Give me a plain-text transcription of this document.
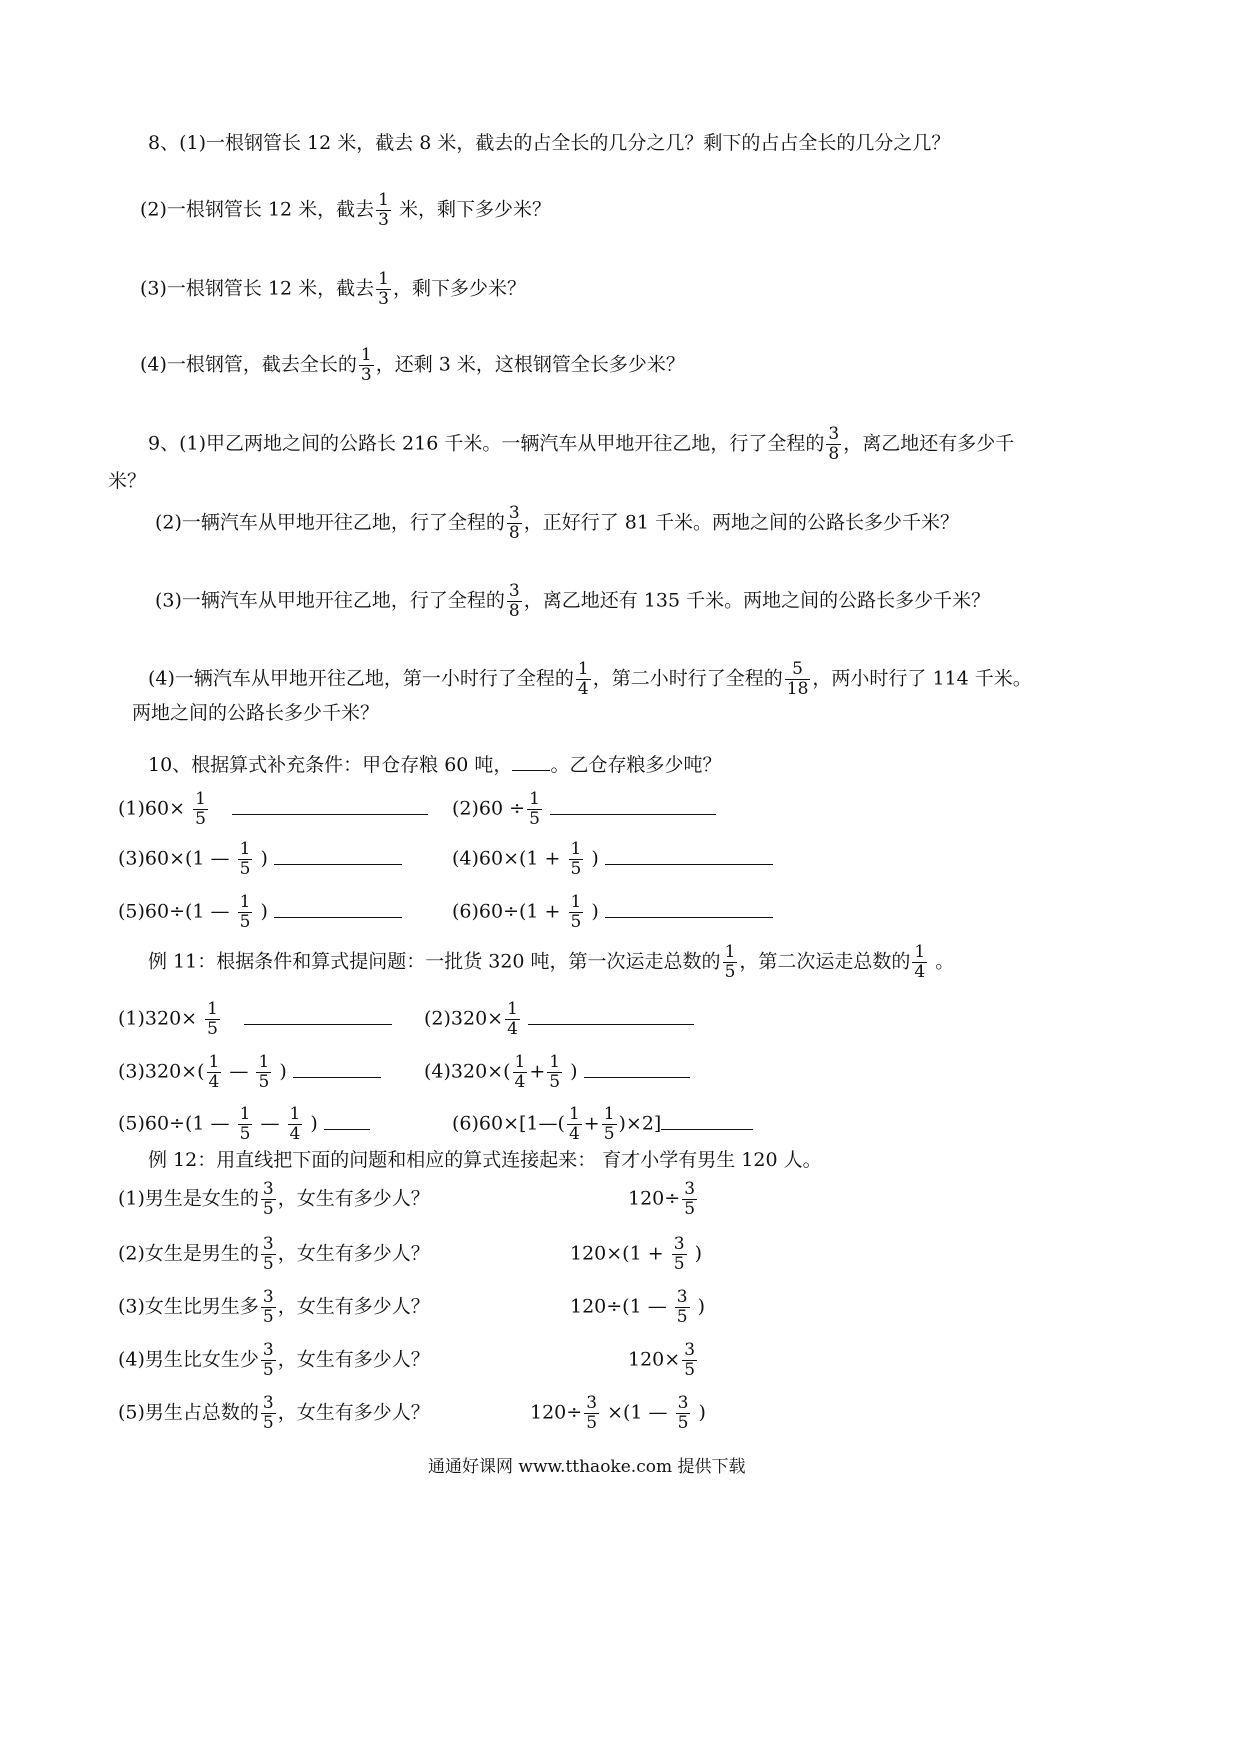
8、(1)一根钢管长 12 米，截去 8 米，截去的占全长的几分之几？剩下的占占全长的几分之几？
(2)一根钢管长 12 米，截去 $\frac{1}{3}$ 米，剩下多少米？
(3)一根钢管长 12 米，截去 $\frac{1}{3}$ ，剩下多少米？
(4)一根钢管，截去全长的 $\frac{1}{3}$ ，还剩 3 米，这根钢管全长多少米？
9、(1)甲乙两地之间的公路长 216 千米。一辆汽车从甲地开往乙地，行了全程的 $\frac{3}{8}$ ，离乙地还有多少千
米？
(2)一辆汽车从甲地开往乙地，行了全程的 $\frac{3}{8}$ ，正好行了 81 千米。两地之间的公路长多少千米？
(3)一辆汽车从甲地开往乙地，行了全程的 $\frac{3}{8}$ ，离乙地还有 135 千米。两地之间的公路长多少千米？
(4)一辆汽车从甲地开往乙地，第一小时行了全程的 $\frac{1}{4}$ ，第二小时行了全程的 $\frac{5}{18}$ ，两小时行了 114 千米。
两地之间的公路长多少千米？
10、根据算式补充条件：甲仓存粮 60 吨， 。乙仓存粮多少吨？
$(1)60\times \frac{1}{5}$
	$(2)60 \div \frac{1}{5}$

(3)60×(1 — $\frac{1}{5}$ )	$(4)60\times(1 + \frac{1}{5}$ )
(5)60÷(1 — $\frac{1}{5}$ )	$(6)60\div(1 + \frac{1}{5}$ )
例 11：根据条件和算式提问题：一批货 320 吨，第一次运走总数的 $\frac{1}{5}$ ，第二次运走总数的 $\frac{1}{4}$ 。
$(1)320\times \frac{1}{5}$
	$(2)320\times \frac{1}{4}$

$(3)320\times( \frac{1}{4}$ — $\frac{1}{5}$ )	$(4)320\times( \frac{1}{4} + \frac{1}{5}$ )
(5)60÷(1 — $\frac{1}{5}$ — $\frac{1}{4}$ )	(6)60×[1—( $\frac{1}{4} + \frac{1}{5} )\times 2$]
例 12：用直线把下面的问题和相应的算式连接起来： 育才小学有男生 120 人。
(1)男生是女生的 $\frac{3}{5}$ ，女生有多少人？	$120\div \frac{3}{5}$
(2)女生是男生的 $\frac{3}{5}$ ，女生有多少人？	$120\times(1 + \frac{3}{5}$ )
(3)女生比男生多 $\frac{3}{5}$ ，女生有多少人？	120÷(1 — $\frac{3}{5}$ )
(4)男生比女生少 $\frac{3}{5}$ ，女生有多少人？	$120\times \frac{3}{5}$
(5)男生占总数的 $\frac{3}{5}$ ，女生有多少人？	$120\div \frac{3}{5} \times(1$ — $\frac{3}{5}$ )
通通好课网 www.tthaoke.com 提供下载
